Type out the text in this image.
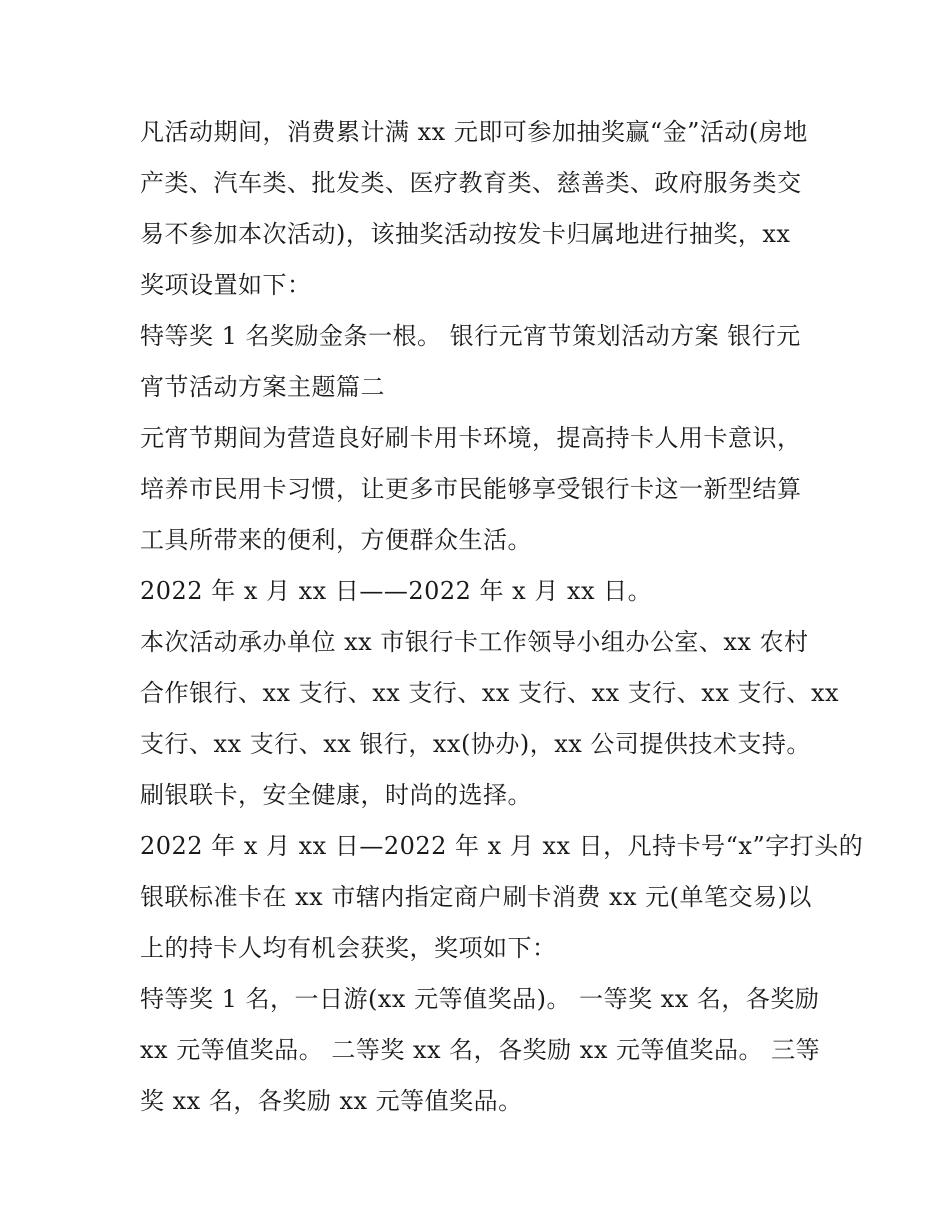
凡活动期间，消费累计满 xx 元即可参加抽奖赢“金”活动(房地
产类、汽车类、批发类、医疗教育类、慈善类、政府服务类交
易不参加本次活动)，该抽奖活动按发卡归属地进行抽奖，xx
奖项设置如下：
特等奖 1 名奖励金条一根。 银行元宵节策划活动方案 银行元
宵节活动方案主题篇二
元宵节期间为营造良好刷卡用卡环境，提高持卡人用卡意识，
培养市民用卡习惯，让更多市民能够享受银行卡这一新型结算
工具所带来的便利，方便群众生活。
2022 年 x 月 xx 日——2022 年 x 月 xx 日。
本次活动承办单位 xx 市银行卡工作领导小组办公室、xx 农村
合作银行、xx 支行、xx 支行、xx 支行、xx 支行、xx 支行、xx
支行、xx 支行、xx 银行，xx(协办)，xx 公司提供技术支持。
刷银联卡，安全健康，时尚的选择。
2022 年 x 月 xx 日—2022 年 x 月 xx 日，凡持卡号“x”字打头的
银联标准卡在 xx 市辖内指定商户刷卡消费 xx 元(单笔交易)以
上的持卡人均有机会获奖，奖项如下：
特等奖 1 名，一日游(xx 元等值奖品)。 一等奖 xx 名，各奖励
xx 元等值奖品。 二等奖 xx 名，各奖励 xx 元等值奖品。 三等
奖 xx 名，各奖励 xx 元等值奖品。
